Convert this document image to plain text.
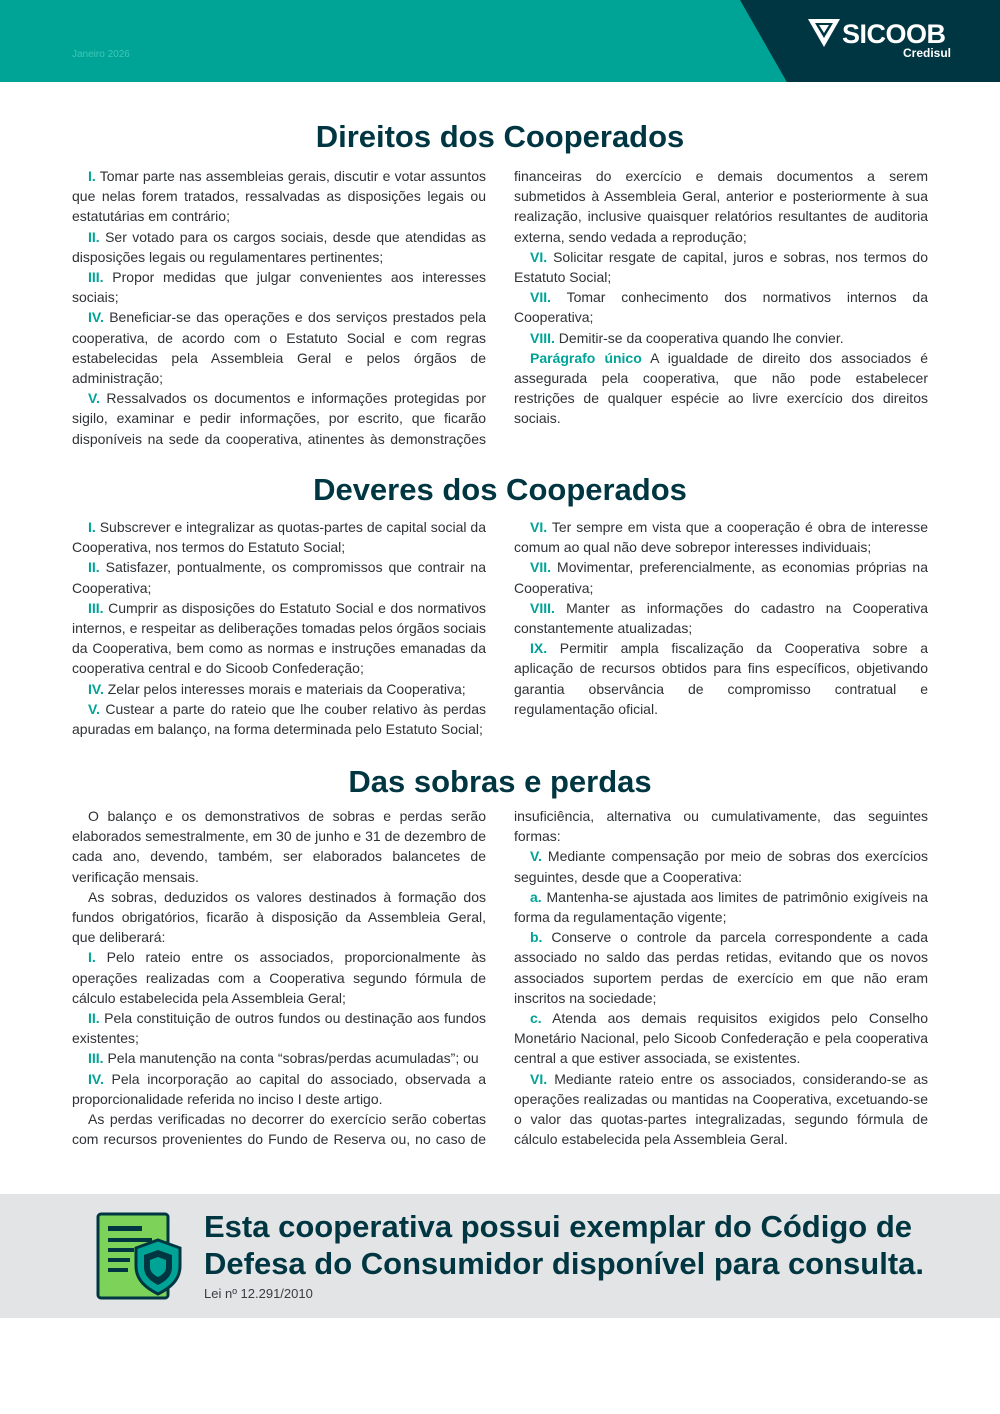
Janeiro 2026
SICOOB
Credisul
Direitos dos Cooperados

I. Tomar parte nas assembleias gerais, discutir e votar assuntos que nelas forem tratados, ressalvadas as disposições legais ou estatutárias em contrário;

II. Ser votado para os cargos sociais, desde que atendidas as disposições legais ou regulamentares pertinentes;

III. Propor medidas que julgar convenientes aos interesses sociais;

IV. Beneficiar-se das operações e dos serviços prestados pela cooperativa, de acordo com o Estatuto Social e com regras estabelecidas pela Assembleia Geral e pelos órgãos de administração;

V. Ressalvados os documentos e informações protegidas por sigilo, examinar e pedir informações, por escrito, que ficarão disponíveis na sede da cooperativa, atinentes às demonstrações financeiras do exercício e demais documentos a serem submetidos à Assembleia Geral, anterior e posteriormente à sua realização, inclusive quaisquer relatórios resultantes de auditoria externa, sendo vedada a reprodução;

VI. Solicitar resgate de capital, juros e sobras, nos termos do Estatuto Social;

VII. Tomar conhecimento dos normativos internos da Cooperativa;

VIII. Demitir-se da cooperativa quando lhe convier.

Parágrafo único A igualdade de direito dos associados é assegurada pela cooperativa, que não pode estabelecer restrições de qualquer espécie ao livre exercício dos direitos sociais.

Deveres dos Cooperados

I. Subscrever e integralizar as quotas-partes de capital social da Cooperativa, nos termos do Estatuto Social;

II. Satisfazer, pontualmente, os compromissos que contrair na Cooperativa;

III. Cumprir as disposições do Estatuto Social e dos normativos internos, e respeitar as deliberações tomadas pelos órgãos sociais da Cooperativa, bem como as normas e instruções emanadas da cooperativa central e do Sicoob Confederação;

IV. Zelar pelos interesses morais e materiais da Cooperativa;

V. Custear a parte do rateio que lhe couber relativo às perdas apuradas em balanço, na forma determinada pelo Estatuto Social;

VI. Ter sempre em vista que a cooperação é obra de interesse comum ao qual não deve sobrepor interesses individuais;

VII. Movimentar, preferencialmente, as economias próprias na Cooperativa;

VIII. Manter as informações do cadastro na Cooperativa constantemente atualizadas;

IX. Permitir ampla fiscalização da Cooperativa sobre a aplicação de recursos obtidos para fins específicos, objetivando garantia observância de compromisso contratual e regulamentação oficial.

Das sobras e perdas

O balanço e os demonstrativos de sobras e perdas serão elaborados semestralmente, em 30 de junho e 31 de dezembro de cada ano, devendo, também, ser elaborados balancetes de verificação mensais.

As sobras, deduzidos os valores destinados à formação dos fundos obrigatórios, ficarão à disposição da Assembleia Geral, que deliberará:

I. Pelo rateio entre os associados, proporcionalmente às operações realizadas com a Cooperativa segundo fórmula de cálculo estabelecida pela Assembleia Geral;

II. Pela constituição de outros fundos ou destinação aos fundos existentes;

III. Pela manutenção na conta “sobras/perdas acumuladas”; ou

IV. Pela incorporação ao capital do associado, observada a proporcionalidade referida no inciso I deste artigo.

As perdas verificadas no decorrer do exercício serão cobertas com recursos provenientes do Fundo de Reserva ou, no caso de insuficiência, alternativa ou cumulativamente, das seguintes formas:

V. Mediante compensação por meio de sobras dos exercícios seguintes, desde que a Cooperativa:

a. Mantenha-se ajustada aos limites de patrimônio exigíveis na forma da regulamentação vigente;

b. Conserve o controle da parcela correspondente a cada associado no saldo das perdas retidas, evitando que os novos associados suportem perdas de exercício em que não eram inscritos na sociedade;

c. Atenda aos demais requisitos exigidos pelo Conselho Monetário Nacional, pelo Sicoob Confederação e pela cooperativa central a que estiver associada, se existentes.

VI. Mediante rateio entre os associados, considerando-se as operações realizadas ou mantidas na Cooperativa, excetuando-se o valor das quotas-partes integralizadas, segundo fórmula de cálculo estabelecida pela Assembleia Geral.

Esta cooperativa possui exemplar do Código de Defesa do Consumidor disponível para consulta.

Lei nº 12.291/2010
